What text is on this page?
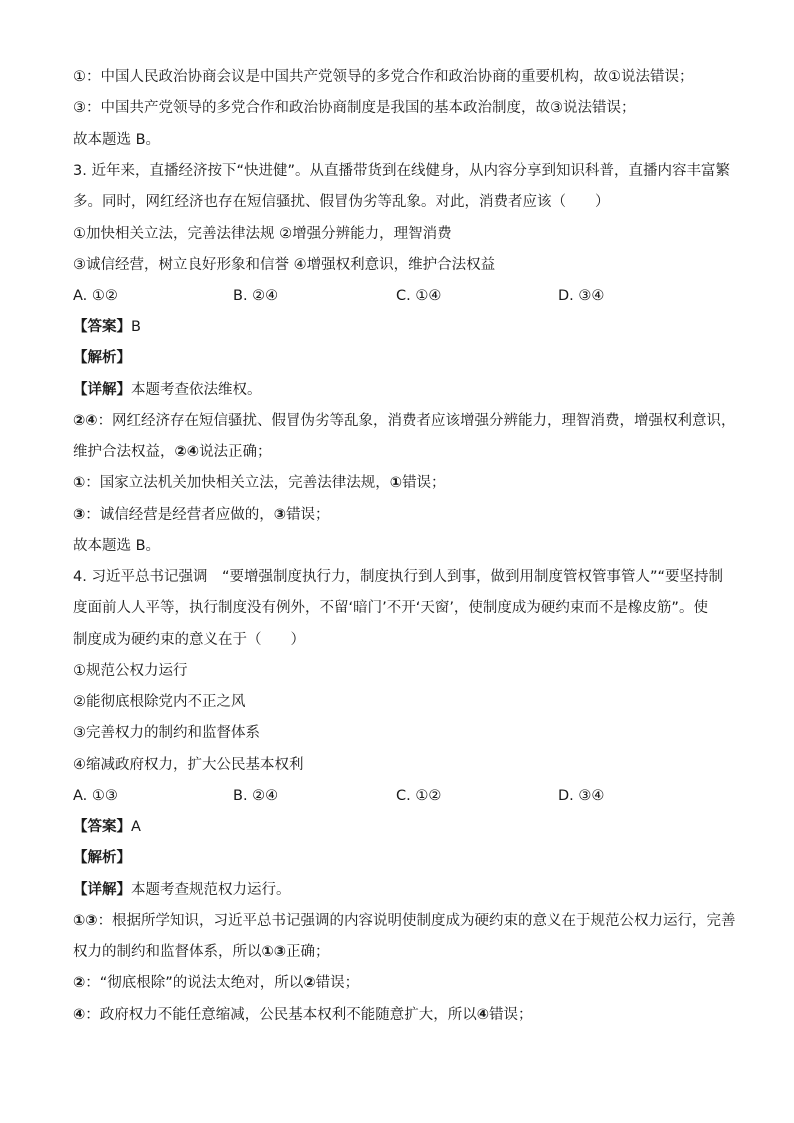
①：中国人民政治协商会议是中国共产党领导的多党合作和政治协商的重要机构，故①说法错误；
③：中国共产党领导的多党合作和政治协商制度是我国的基本政治制度，故③说法错误；
故本题选 B。
3. 近年来，直播经济按下“快进健”。从直播带货到在线健身，从内容分享到知识科普，直播内容丰富繁
多。同时，网红经济也存在短信骚扰、假冒伪劣等乱象。对此，消费者应该（　　）
①加快相关立法，完善法律法规 ②增强分辨能力，理智消费
③诚信经营，树立良好形象和信誉 ④增强权利意识，维护合法权益
A. ①②	B. ②④	C. ①④	D. ③④
【答案】B
【解析】
【详解】本题考查依法维权。
②④：网红经济存在短信骚扰、假冒伪劣等乱象，消费者应该增强分辨能力，理智消费，增强权利意识，
维护合法权益，②④说法正确；
①：国家立法机关加快相关立法，完善法律法规，①错误；
③：诚信经营是经营者应做的，③错误；
故本题选 B。
4. 习近平总书记强调　“要增强制度执行力，制度执行到人到事，做到用制度管权管事管人”“要坚持制
度面前人人平等，执行制度没有例外，不留‘暗门’不开‘天窗’，使制度成为硬约束而不是橡皮筋”。使
制度成为硬约束的意义在于（　　）
①规范公权力运行
②能彻底根除党内不正之风
③完善权力的制约和监督体系
④缩减政府权力，扩大公民基本权利
A. ①③	B. ②④	C. ①②	D. ③④
【答案】A
【解析】
【详解】本题考查规范权力运行。
①③：根据所学知识，习近平总书记强调的内容说明使制度成为硬约束的意义在于规范公权力运行，完善
权力的制约和监督体系，所以①③正确；
②：“彻底根除”的说法太绝对，所以②错误；
④：政府权力不能任意缩减，公民基本权利不能随意扩大，所以④错误；
